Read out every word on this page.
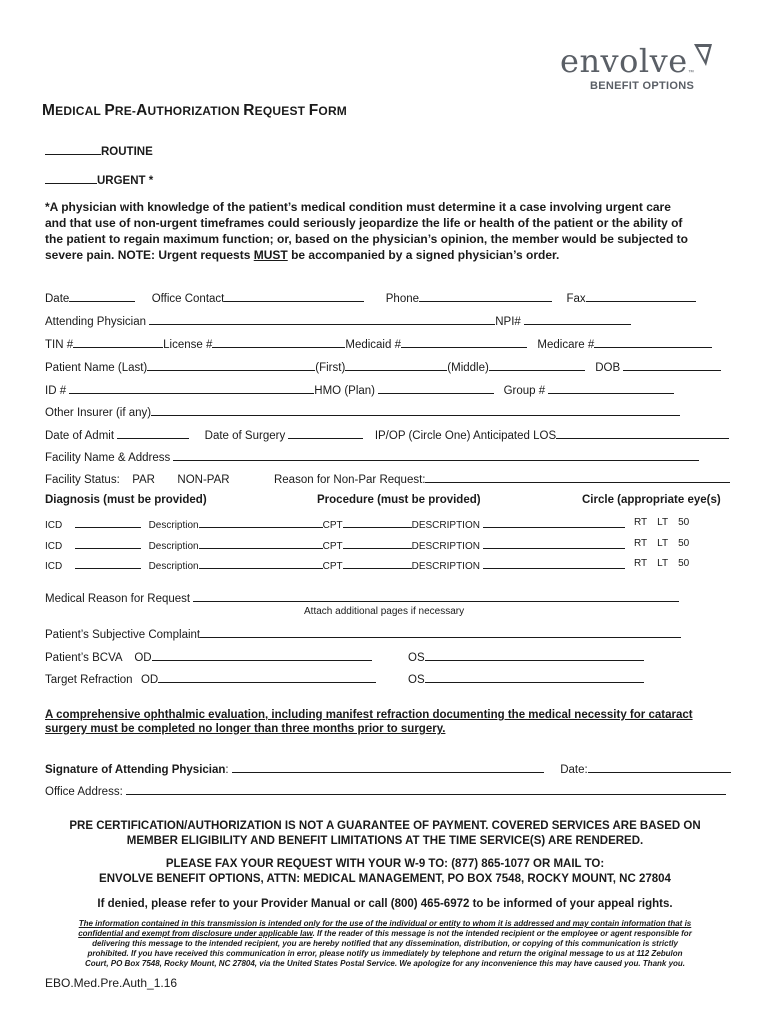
envolve ™
BENEFIT OPTIONS
MEDICAL PRE-AUTHORIZATION REQUEST FORM
ROUTINE
URGENT *
*A physician with knowledge of the patient’s medical condition must determine it a case involving urgent care
and that use of non-urgent timeframes could seriously jeopardize the life or health of the patient or the ability of
the patient to regain maximum function; or, based on the physician’s opinion, the member would be subjected to
severe pain. NOTE: Urgent requests MUST be accompanied by a signed physician’s order.
Date	Office Contact	Phone	Fax
Attending Physician	NPI#
TIN #	License #	Medicaid #	Medicare #
Patient Name (Last)	(First)	(Middle)	DOB
ID #	HMO (Plan)	Group #
Other Insurer (if any)
Date of Admit	Date of Surgery	IP/OP (Circle One) Anticipated LOS
Facility Name & Address
Facility Status: PAR NON-PAR	Reason for Non-Par Request:
Diagnosis (must be provided)	Procedure (must be provided)	Circle (appropriate eye(s)
ICD	Description	CPT	DESCRIPTION	RT LT 50
ICD	Description	CPT	DESCRIPTION	RT LT 50
ICD	Description	CPT	DESCRIPTION	RT LT 50
Medical Reason for Request
Attach additional pages if necessary
Patient’s Subjective Complaint
Patient’s BCVA OD	OS
Target Refraction OD	OS
A comprehensive ophthalmic evaluation, including manifest refraction documenting the medical necessity for cataract
surgery must be completed no longer than three months prior to surgery.
Signature of Attending Physician:	Date:
Office Address:
PRE CERTIFICATION/AUTHORIZATION IS NOT A GUARANTEE OF PAYMENT. COVERED SERVICES ARE BASED ON
MEMBER ELIGIBILITY AND BENEFIT LIMITATIONS AT THE TIME SERVICE(S) ARE RENDERED.
PLEASE FAX YOUR REQUEST WITH YOUR W-9 TO: (877) 865-1077 OR MAIL TO:
ENVOLVE BENEFIT OPTIONS, ATTN: MEDICAL MANAGEMENT, PO BOX 7548, ROCKY MOUNT, NC 27804
If denied, please refer to your Provider Manual or call (800) 465-6972 to be informed of your appeal rights.
The information contained in this transmission is intended only for the use of the individual or entity to whom it is addressed and may contain information that is
confidential and exempt from disclosure under applicable law. If the reader of this message is not the intended recipient or the employee or agent responsible for
delivering this message to the intended recipient, you are hereby notified that any dissemination, distribution, or copying of this communication is strictly
prohibited. If you have received this communication in error, please notify us immediately by telephone and return the original message to us at 112 Zebulon
Court, PO Box 7548, Rocky Mount, NC 27804, via the United States Postal Service. We apologize for any inconvenience this may have caused you. Thank you.
EBO.Med.Pre.Auth_1.16
